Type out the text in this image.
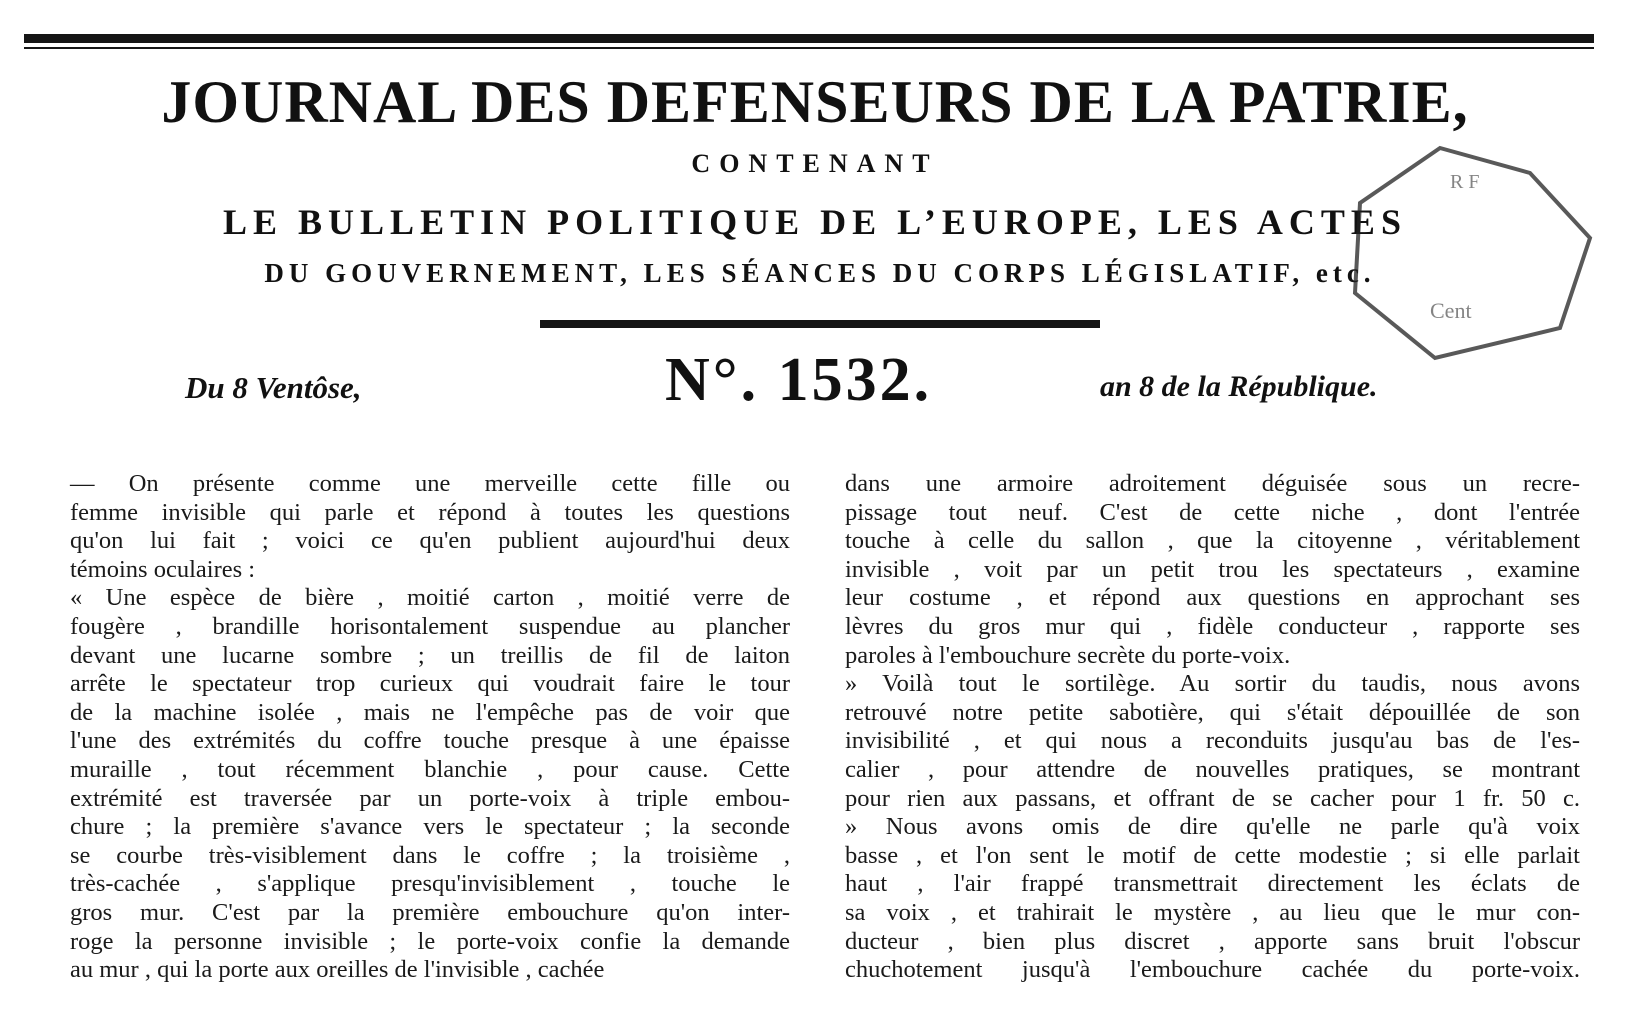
JOURNAL DES DEFENSEURS DE LA PATRIE,
CONTENANT
LE BULLETIN POLITIQUE DE L’EUROPE, LES ACTES
DU GOUVERNEMENT, LES SÉANCES DU CORPS LÉGISLATIF, etc.
R F
Cent
Du 8 Ventôse,	N°. 1532.	an 8 de la République.
— On présente comme une merveille cette fille ou
femme invisible qui parle et répond à toutes les questions
qu'on lui fait ; voici ce qu'en publient aujourd'hui deux
témoins oculaires :
« Une espèce de bière , moitié carton , moitié verre de
fougère , brandille horisontalement suspendue au plancher
devant une lucarne sombre ; un treillis de fil de laiton
arrête le spectateur trop curieux qui voudrait faire le tour
de la machine isolée , mais ne l'empêche pas de voir que
l'une des extrémités du coffre touche presque à une épaisse
muraille , tout récemment blanchie , pour cause. Cette
extrémité est traversée par un porte-voix à triple embou-
chure ; la première s'avance vers le spectateur ; la seconde
se courbe très-visiblement dans le coffre ; la troisième ,
très-cachée , s'applique presqu'invisiblement , touche le
gros mur. C'est par la première embouchure qu'on inter-
roge la personne invisible ; le porte-voix confie la demande
au mur , qui la porte aux oreilles de l'invisible , cachée
dans une armoire adroitement déguisée sous un recre-
pissage tout neuf. C'est de cette niche , dont l'entrée
touche à celle du sallon , que la citoyenne , véritablement
invisible , voit par un petit trou les spectateurs , examine
leur costume , et répond aux questions en approchant ses
lèvres du gros mur qui , fidèle conducteur , rapporte ses
paroles à l'embouchure secrète du porte-voix.
» Voilà tout le sortilège. Au sortir du taudis, nous avons
retrouvé notre petite sabotière, qui s'était dépouillée de son
invisibilité , et qui nous a reconduits jusqu'au bas de l'es-
calier , pour attendre de nouvelles pratiques, se montrant
pour rien aux passans, et offrant de se cacher pour 1 fr. 50 c.
» Nous avons omis de dire qu'elle ne parle qu'à voix
basse , et l'on sent le motif de cette modestie ; si elle parlait
haut , l'air frappé transmettrait directement les éclats de
sa voix , et trahirait le mystère , au lieu que le mur con-
ducteur , bien plus discret , apporte sans bruit l'obscur
chuchotement jusqu'à l'embouchure cachée du porte-voix.
